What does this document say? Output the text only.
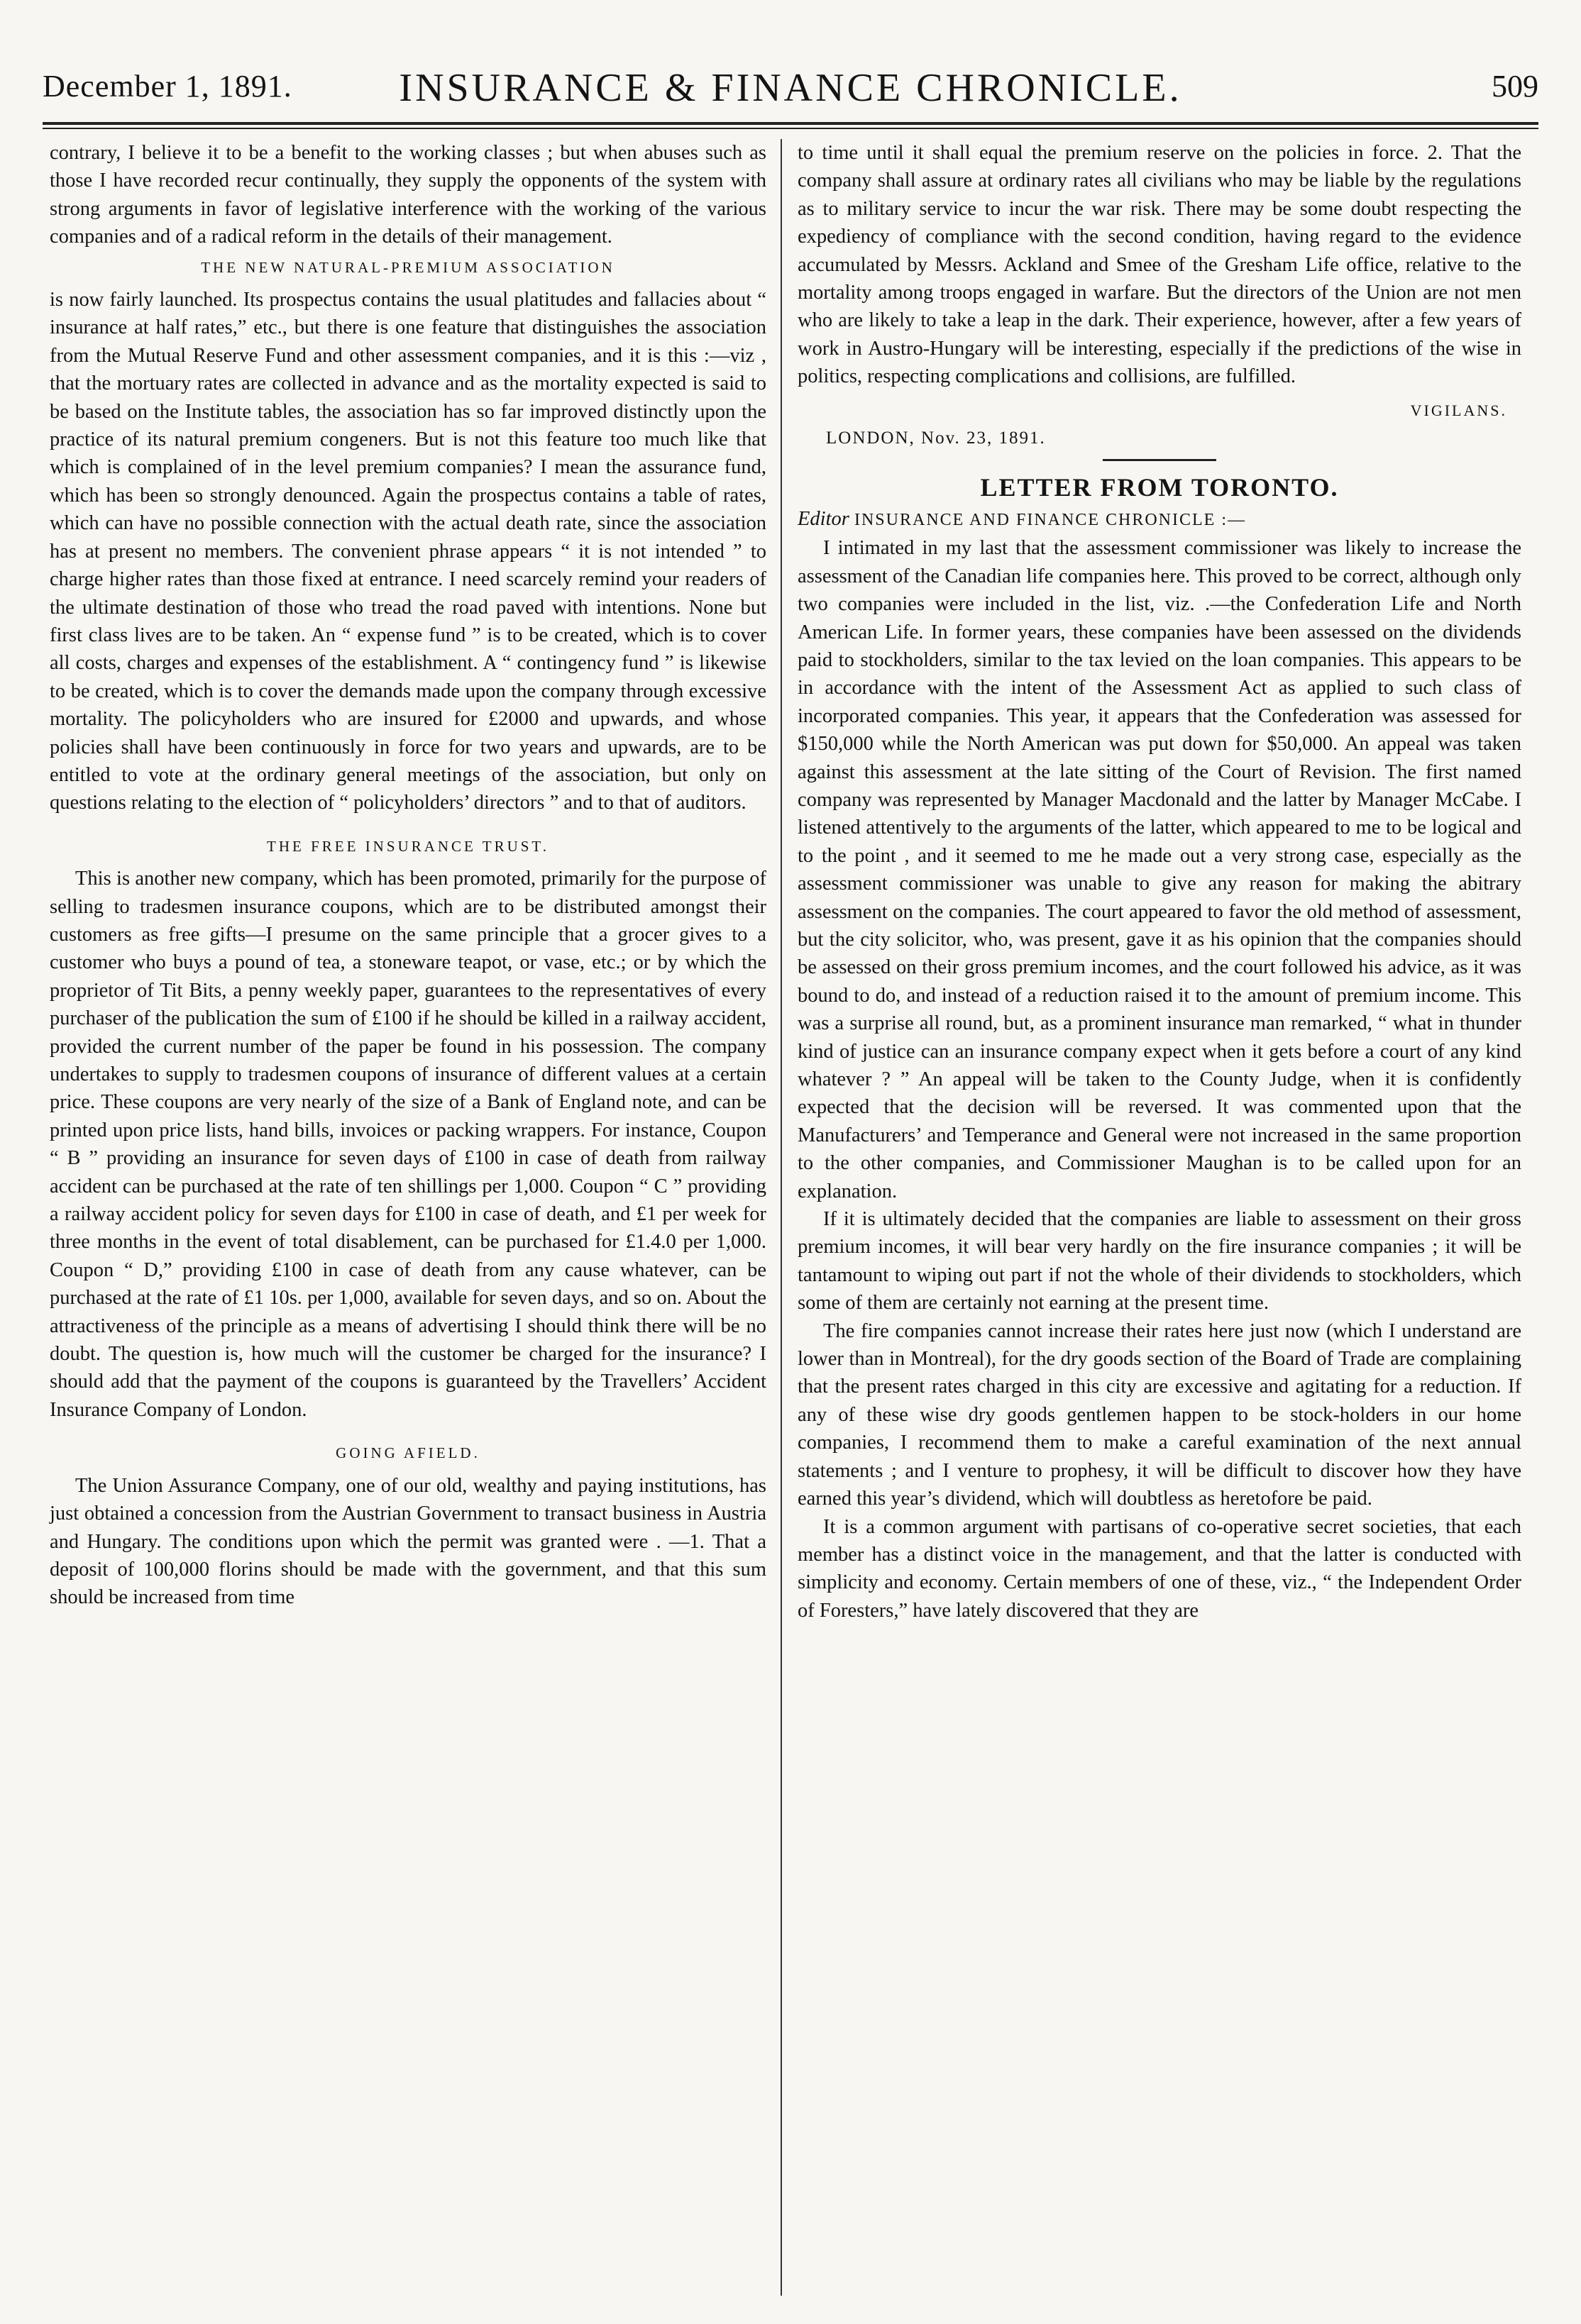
December 1, 1891.	INSURANCE & FINANCE CHRONICLE.	509

contrary, I believe it to be a benefit to the working classes ; but when abuses such as those I have recorded recur continually, they supply the opponents of the system with strong arguments in favor of legislative interference with the working of the various companies and of a radical reform in the details of their management.

THE NEW NATURAL-PREMIUM ASSOCIATION

is now fairly launched. Its prospectus contains the usual platitudes and fallacies about “ insurance at half rates,” etc., but there is one feature that distinguishes the association from the Mutual Reserve Fund and other assessment companies, and it is this :—viz , that the mortuary rates are collected in advance and as the mortality expected is said to be based on the Institute tables, the association has so far improved distinctly upon the practice of its natural premium congeners. But is not this feature too much like that which is complained of in the level premium companies? I mean the assurance fund, which has been so strongly denounced. Again the prospectus contains a table of rates, which can have no possible connection with the actual death rate, since the association has at present no members. The convenient phrase appears “ it is not intended ” to charge higher rates than those fixed at entrance. I need scarcely remind your readers of the ultimate destination of those who tread the road paved with intentions. None but first class lives are to be taken. An “ expense fund ” is to be created, which is to cover all costs, charges and expenses of the establishment. A “ contingency fund ” is likewise to be created, which is to cover the demands made upon the company through excessive mortality. The policyholders who are insured for £2000 and upwards, and whose policies shall have been continuously in force for two years and upwards, are to be entitled to vote at the ordinary general meetings of the association, but only on questions relating to the election of “ policyholders’ directors ” and to that of auditors.

THE FREE INSURANCE TRUST.

This is another new company, which has been promoted, primarily for the purpose of selling to tradesmen insurance coupons, which are to be distributed amongst their customers as free gifts—I presume on the same principle that a grocer gives to a customer who buys a pound of tea, a stoneware teapot, or vase, etc.; or by which the proprietor of Tit Bits, a penny weekly paper, guarantees to the representatives of every purchaser of the publication the sum of £100 if he should be killed in a railway accident, provided the current number of the paper be found in his possession. The company undertakes to supply to tradesmen coupons of insurance of different values at a certain price. These coupons are very nearly of the size of a Bank of England note, and can be printed upon price lists, hand bills, invoices or packing wrappers. For instance, Coupon “ B ” providing an insurance for seven days of £100 in case of death from railway accident can be purchased at the rate of ten shillings per 1,000. Coupon “ C ” providing a railway accident policy for seven days for £100 in case of death, and £1 per week for three months in the event of total disablement, can be purchased for £1.4.0 per 1,000. Coupon “ D,” providing £100 in case of death from any cause whatever, can be purchased at the rate of £1 10s. per 1,000, available for seven days, and so on. About the attractiveness of the principle as a means of advertising I should think there will be no doubt. The question is, how much will the customer be charged for the insurance? I should add that the payment of the coupons is guaranteed by the Travellers’ Accident Insurance Company of London.

GOING AFIELD.

The Union Assurance Company, one of our old, wealthy and paying institutions, has just obtained a concession from the Austrian Government to transact business in Austria and Hungary. The conditions upon which the permit was granted were . —1. That a deposit of 100,000 florins should be made with the government, and that this sum should be increased from time

to time until it shall equal the premium reserve on the policies in force. 2. That the company shall assure at ordinary rates all civilians who may be liable by the regulations as to military service to incur the war risk. There may be some doubt respecting the expediency of compliance with the second condition, having regard to the evidence accumulated by Messrs. Ackland and Smee of the Gresham Life office, relative to the mortality among troops engaged in warfare. But the directors of the Union are not men who are likely to take a leap in the dark. Their experience, however, after a few years of work in Austro-Hungary will be interesting, especially if the predictions of the wise in politics, respecting complications and collisions, are fulfilled.

VIGILANS.
LONDON, Nov. 23, 1891.
LETTER FROM TORONTO.
Editor INSURANCE AND FINANCE CHRONICLE :—

I intimated in my last that the assessment commissioner was likely to increase the assessment of the Canadian life companies here. This proved to be correct, although only two companies were included in the list, viz. .—the Confederation Life and North American Life. In former years, these companies have been assessed on the dividends paid to stockholders, similar to the tax levied on the loan companies. This appears to be in accordance with the intent of the Assessment Act as applied to such class of incorporated companies. This year, it appears that the Confederation was assessed for $150,000 while the North American was put down for $50,000. An appeal was taken against this assessment at the late sitting of the Court of Revision. The first named company was represented by Manager Macdonald and the latter by Manager McCabe. I listened attentively to the arguments of the latter, which appeared to me to be logical and to the point , and it seemed to me he made out a very strong case, especially as the assessment commissioner was unable to give any reason for making the abitrary assessment on the companies. The court appeared to favor the old method of assessment, but the city solicitor, who, was present, gave it as his opinion that the companies should be assessed on their gross premium incomes, and the court followed his advice, as it was bound to do, and instead of a reduction raised it to the amount of premium income. This was a surprise all round, but, as a prominent insurance man remarked, “ what in thunder kind of justice can an insurance company expect when it gets before a court of any kind whatever ? ” An appeal will be taken to the County Judge, when it is confidently expected that the decision will be reversed. It was commented upon that the Manufacturers’ and Temperance and General were not increased in the same proportion to the other companies, and Commissioner Maughan is to be called upon for an explanation.

If it is ultimately decided that the companies are liable to assessment on their gross premium incomes, it will bear very hardly on the fire insurance companies ; it will be tantamount to wiping out part if not the whole of their dividends to stockholders, which some of them are certainly not earning at the present time.

The fire companies cannot increase their rates here just now (which I understand are lower than in Montreal), for the dry goods section of the Board of Trade are complaining that the present rates charged in this city are excessive and agitating for a reduction. If any of these wise dry goods gentlemen happen to be stock-holders in our home companies, I recommend them to make a careful examination of the next annual statements ; and I venture to prophesy, it will be difficult to discover how they have earned this year’s dividend, which will doubtless as heretofore be paid.

It is a common argument with partisans of co-operative secret societies, that each member has a distinct voice in the management, and that the latter is conducted with simplicity and economy. Certain members of one of these, viz., “ the Independent Order of Foresters,” have lately discovered that they are
